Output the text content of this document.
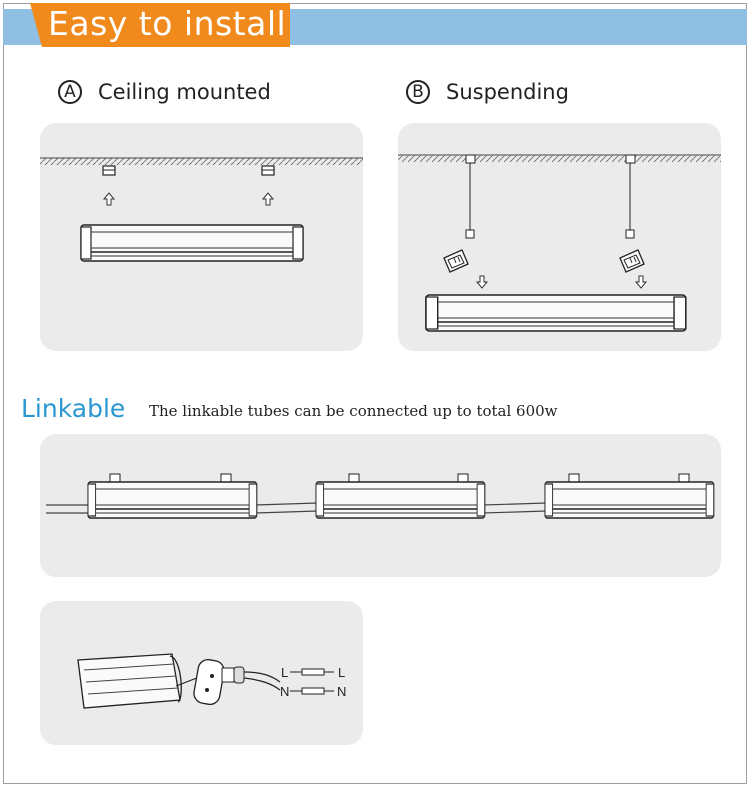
Easy to install
A Ceiling mounted	B Suspending
Linkable The linkable tubes can be connected up to total 600w
L	L
N	N
